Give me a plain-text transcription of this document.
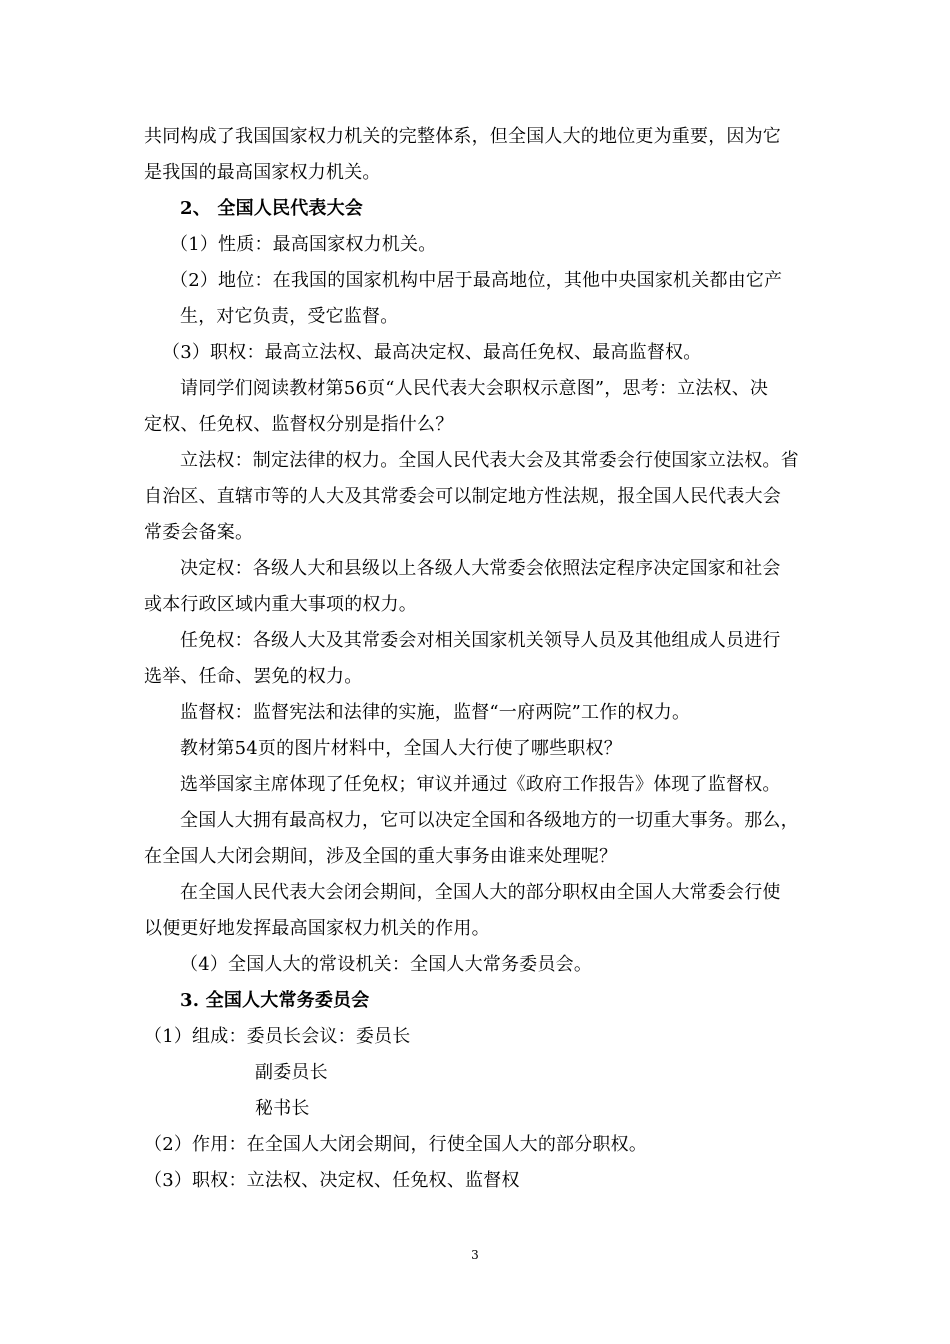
共同构成了我国国家权力机关的完整体系，但全国人大的地位更为重要，因为它
是我国的最高国家权力机关。
2、 全国人民代表大会
（1）性质：最高国家权力机关。
（2）地位：在我国的国家机构中居于最高地位，其他中央国家机关都由它产
生，对它负责，受它监督。
（3）职权：最高立法权、最高决定权、最高任免权、最高监督权。
请同学们阅读教材第56页“人民代表大会职权示意图”，思考：立法权、决
定权、任免权、监督权分别是指什么？
立法权：制定法律的权力。全国人民代表大会及其常委会行使国家立法权。省
自治区、直辖市等的人大及其常委会可以制定地方性法规，报全国人民代表大会
常委会备案。
决定权：各级人大和县级以上各级人大常委会依照法定程序决定国家和社会
或本行政区域内重大事项的权力。
任免权：各级人大及其常委会对相关国家机关领导人员及其他组成人员进行
选举、任命、罢免的权力。
监督权：监督宪法和法律的实施，监督“一府两院”工作的权力。
教材第54页的图片材料中，全国人大行使了哪些职权？
选举国家主席体现了任免权；审议并通过《政府工作报告》体现了监督权。
全国人大拥有最高权力，它可以决定全国和各级地方的一切重大事务。那么，
在全国人大闭会期间，涉及全国的重大事务由谁来处理呢？
在全国人民代表大会闭会期间，全国人大的部分职权由全国人大常委会行使
以便更好地发挥最高国家权力机关的作用。
（4）全国人大的常设机关：全国人大常务委员会。
3. 全国人大常务委员会
（1）组成：委员长会议：委员长
副委员长
秘书长
（2）作用：在全国人大闭会期间，行使全国人大的部分职权。
（3）职权：立法权、决定权、任免权、监督权
3
